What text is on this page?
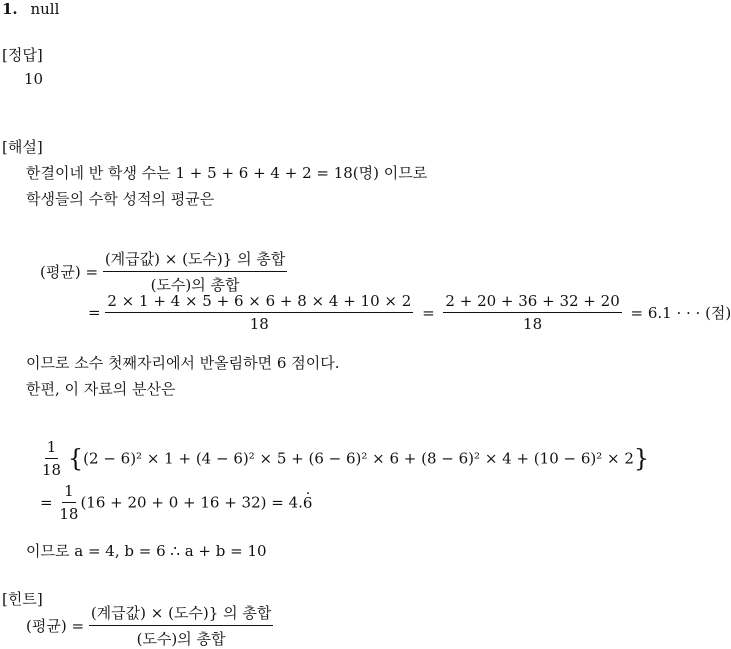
1. null
[정답]
10
[해설]
한결이네 반 학생 수는 1 + 5 + 6 + 4 + 2 = 18(명) 이므로
학생들의 수학 성적의 평균은
(평균) = $\frac{\text{(계급값) × (도수)\} 의 총합}}{\text{(도수)의 총합}}$
= $\frac{2 \times 1 + 4 \times 5 + 6 \times 6 + 8 \times 4 + 10 \times 2}{18} = \frac{2 + 20 + 36 + 32 + 20}{18} = 6.1$ · · · (점)
이므로 소수 첫째자리에서 반올림하면 6 점이다.
한편, 이 자료의 분산은
$\frac{1}{18} \{(2 - 6)^2 \times 1 + (4 - 6)^2 \times 5 + (6 - 6)^2 \times 6 + (8 - 6)^2 \times 4 + (10 - 6)^2 \times 2\}$
= $\frac{1}{18} (16 + 20 + 0 + 16 + 32) = 4$.. 6
이므로 a = 4, b = 6 ∴ a + b = 10
[힌트]
(평균) = $\frac{\text{(계급값) × (도수)\} 의 총합}}{\text{(도수)의 총합}}$
